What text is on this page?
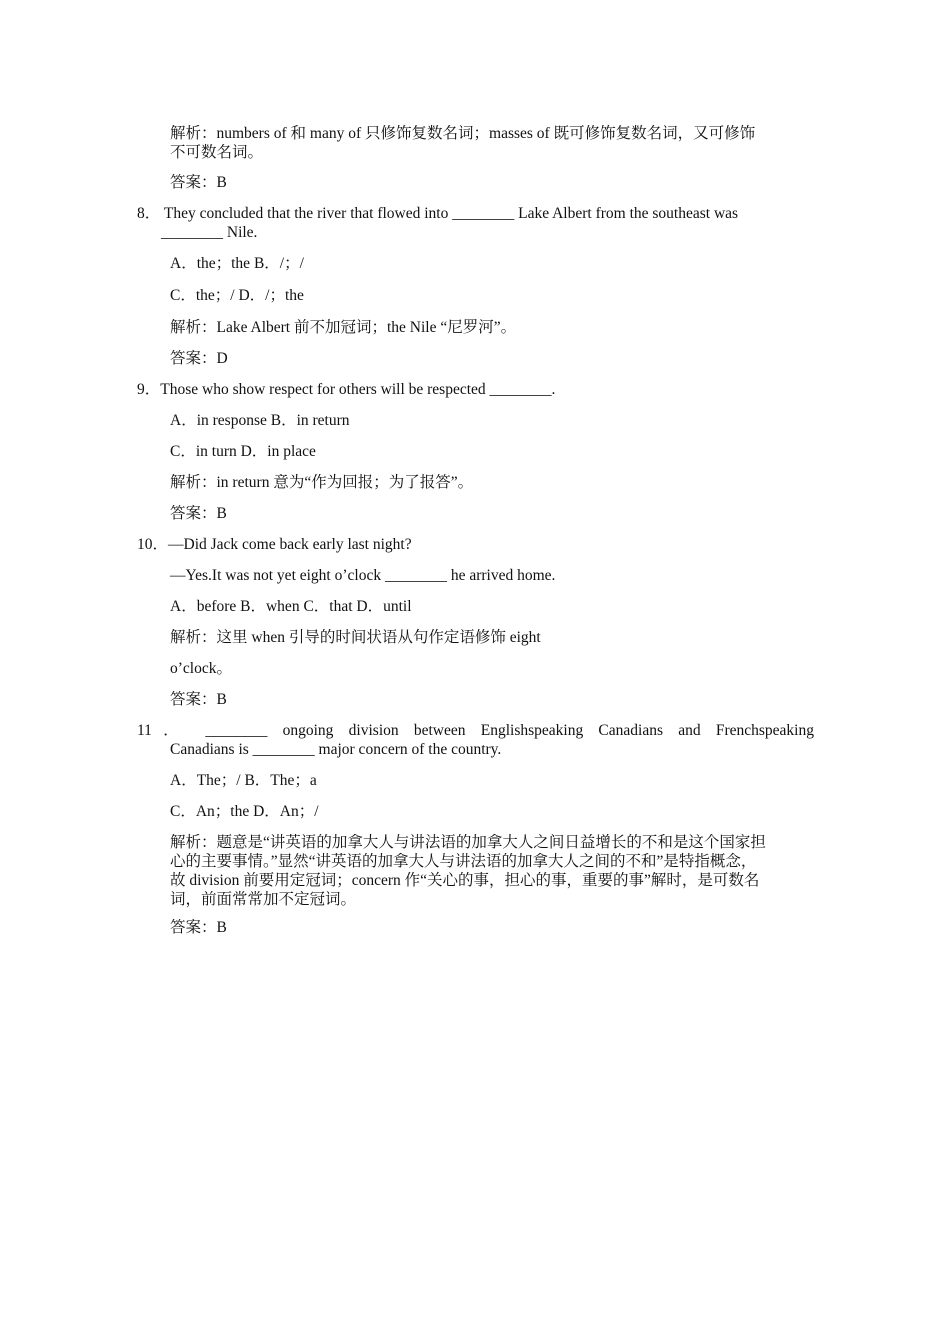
解析：numbers of 和 many of 只修饰复数名词；masses of 既可修饰复数名词，又可修饰
不可数名词。
答案：B
8． They concluded that the river that flowed into ________ Lake Albert from the southeast was
________ Nile.
A．the；the B．/；/
C．the；/ D．/；the
解析：Lake Albert 前不加冠词；the Nile “尼罗河”。
答案：D
9．Those who show respect for others will be respected ________.
A．in response B．in return
C．in turn D．in place
解析：in return 意为“作为回报；为了报答”。
答案：B
10．—Did Jack come back early last night?
—Yes.It was not yet eight o’clock ________ he arrived home.
A．before B．when C．that D．until
解析：这里 when 引导的时间状语从句作定语修饰 eight
o’clock。
答案：B
11． ________ ongoing division between Englishspeaking Canadians and Frenchspeaking
Canadians is ________ major concern of the country.
A．The；/ B．The；a
C．An；the D．An；/
解析：题意是“讲英语的加拿大人与讲法语的加拿大人之间日益增长的不和是这个国家担
心的主要事情。”显然“讲英语的加拿大人与讲法语的加拿大人之间的不和”是特指概念，
故 division 前要用定冠词；concern 作“关心的事，担心的事，重要的事”解时，是可数名
词，前面常常加不定冠词。
答案：B
